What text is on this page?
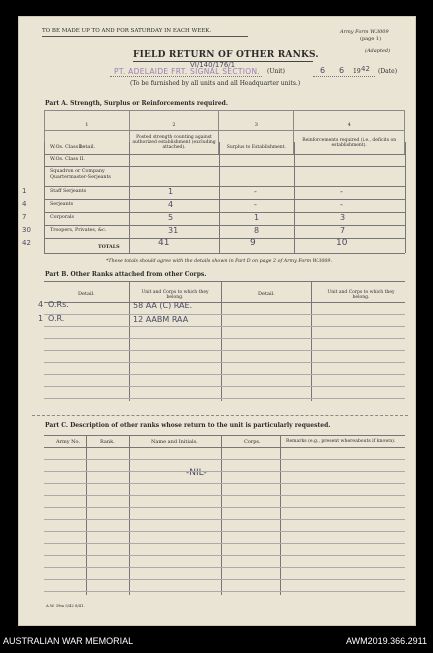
TO BE MADE UP TO AND FOR SATURDAY IN EACH WEEK.	Army Form W.3009
(page 1)
(Adapted)
FIELD RETURN OF OTHER RANKS.
VI/140/176/1
PT. ADELAIDE FRT. SIGNAL SECTION. (Unit)	6 6 19 42 (Date)
(To be furnished by all units and all Headquarter units.)
Part A. Strength, Surplus or Reinforcements required.
1	2	3	4
Detail.	Posted strength counting against authorized establishment (excluding attached).	Surplus to Establishment.	Reinforcements required (i.e., deficits on establishment).
*These totals should agree with the details shown in Part D on page 2 of Army Form W.3009.
Part B. Other Ranks attached from other Corps.
Detail.	Unit and Corps to which they belong.
Detail.	Unit and Corps to which they belong.
4 O.Rs.	58 AA (C) RAE.
1 O.R.	12 AABM RAA
Part C. Description of other ranks whose return to the unit is particularly requested.
Army No.	Rank.	Name and Initials.	Corps.	Remarks (e.g., present whereabouts if known).
-NIL-
A.W. 39m 5/42 8/41.
W.Os. Class I.
W.Os. Class II.
Squadron or Company Quartermaster-Serjeants
Staff Serjeants
1	1	-	-
Serjeants
4	4	-	-
Corporals
7	5	1	3
Troopers, Privates, &c.
30	31	8	7
TOTALS
42	41	9	10
AUSTRALIAN WAR MEMORIAL	AWM2019.366.2911
